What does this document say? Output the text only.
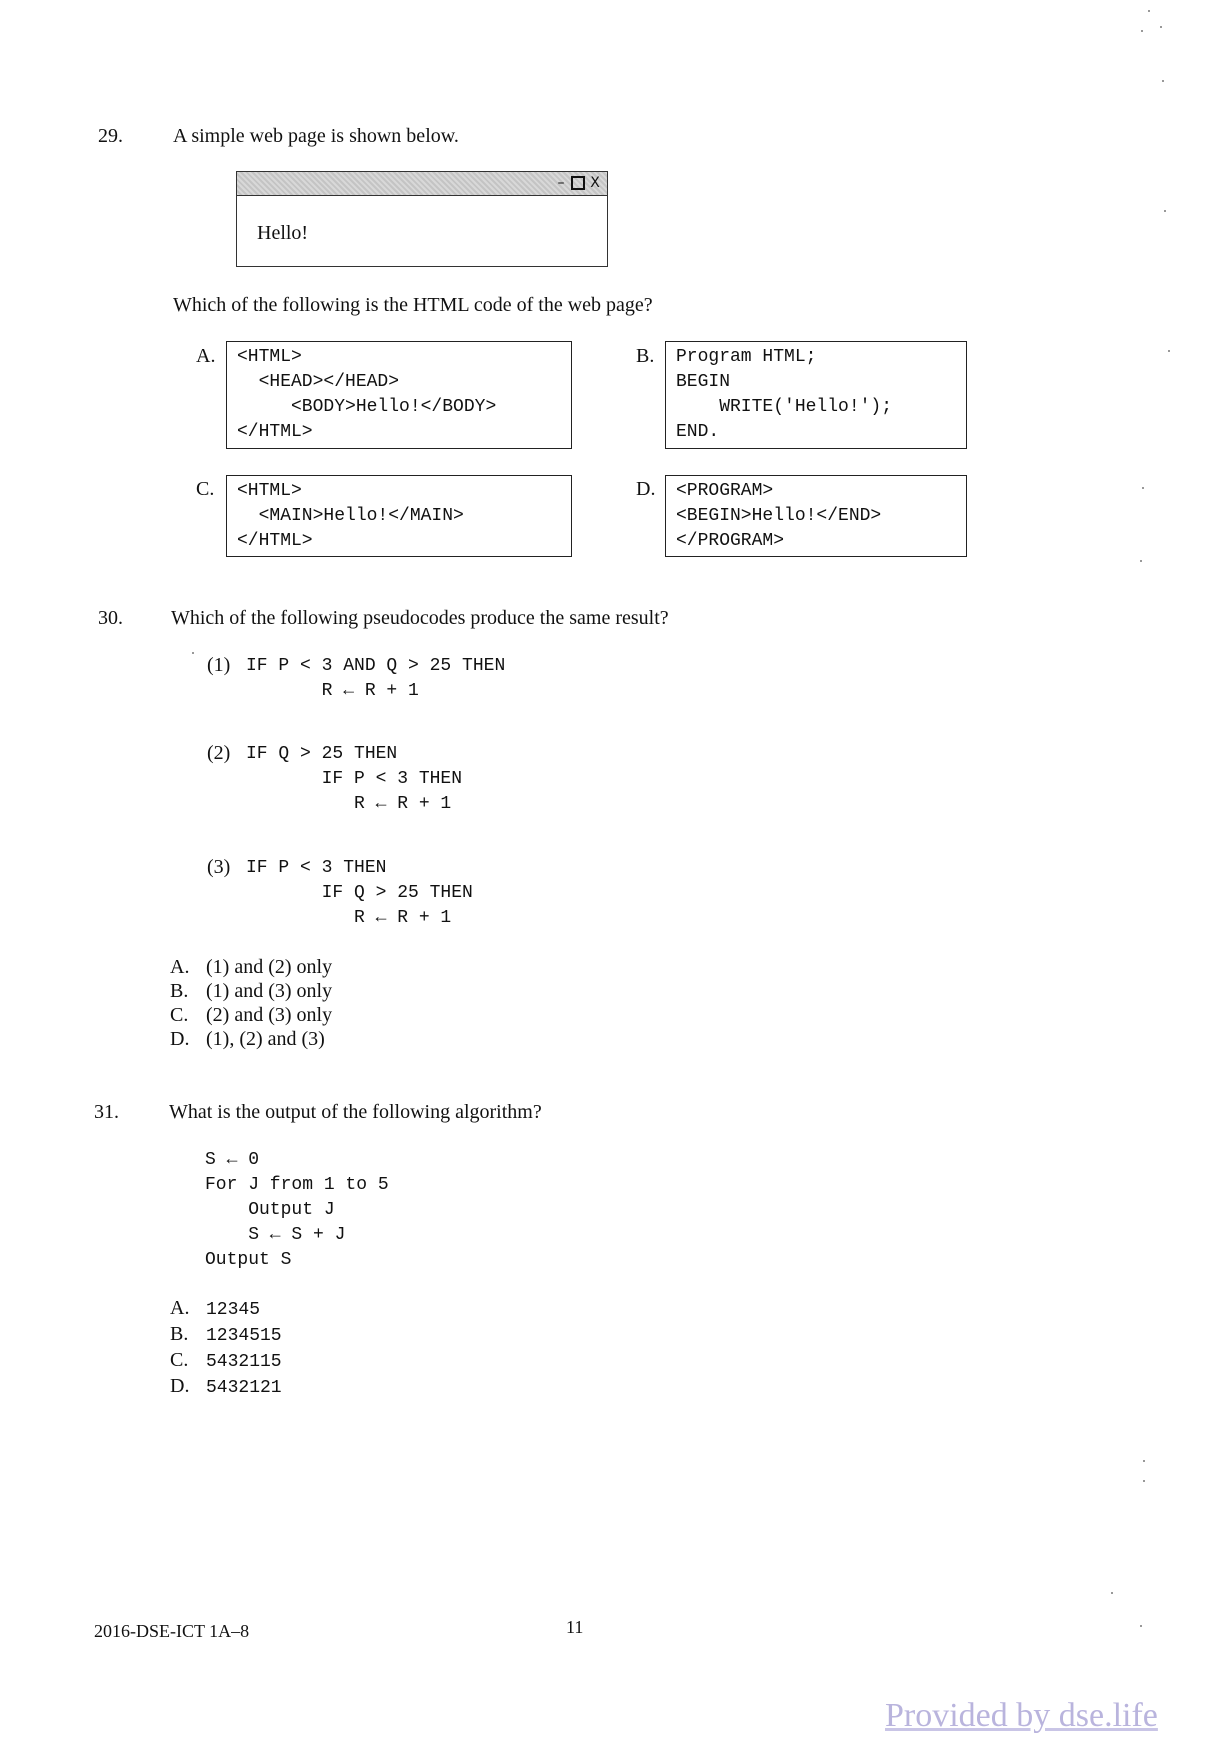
29.	A simple web page is shown below.
–	X
Hello!
Which of the following is the HTML code of the web page?
A.	<HTML>
<HEAD></HEAD>
<BODY>Hello!</BODY>
</HTML>
B.	Program HTML;
BEGIN
WRITE('Hello!');
END.
C.	<HTML>
<MAIN>Hello!</MAIN>
</HTML>
D.	<PROGRAM>
<BEGIN>Hello!</END>
</PROGRAM>
30. Which of the following pseudocodes produce the same result?
(1) IF P < 3 AND Q > 25 THEN
R ← R + 1
(2) IF Q > 25 THEN
IF P < 3 THEN
R ← R + 1
(3) IF P < 3 THEN
IF Q > 25 THEN
R ← R + 1
A. (1) and (2) only
B. (1) and (3) only
C. (2) and (3) only
D. (1), (2) and (3)
31.	What is the output of the following algorithm?
S ← 0
For J from 1 to 5
Output J
S ← S + J
Output S
A. 12345
B. 1234515
C. 5432115
D. 5432121
2016-DSE-ICT 1A–8	11
Provided by dse.life
